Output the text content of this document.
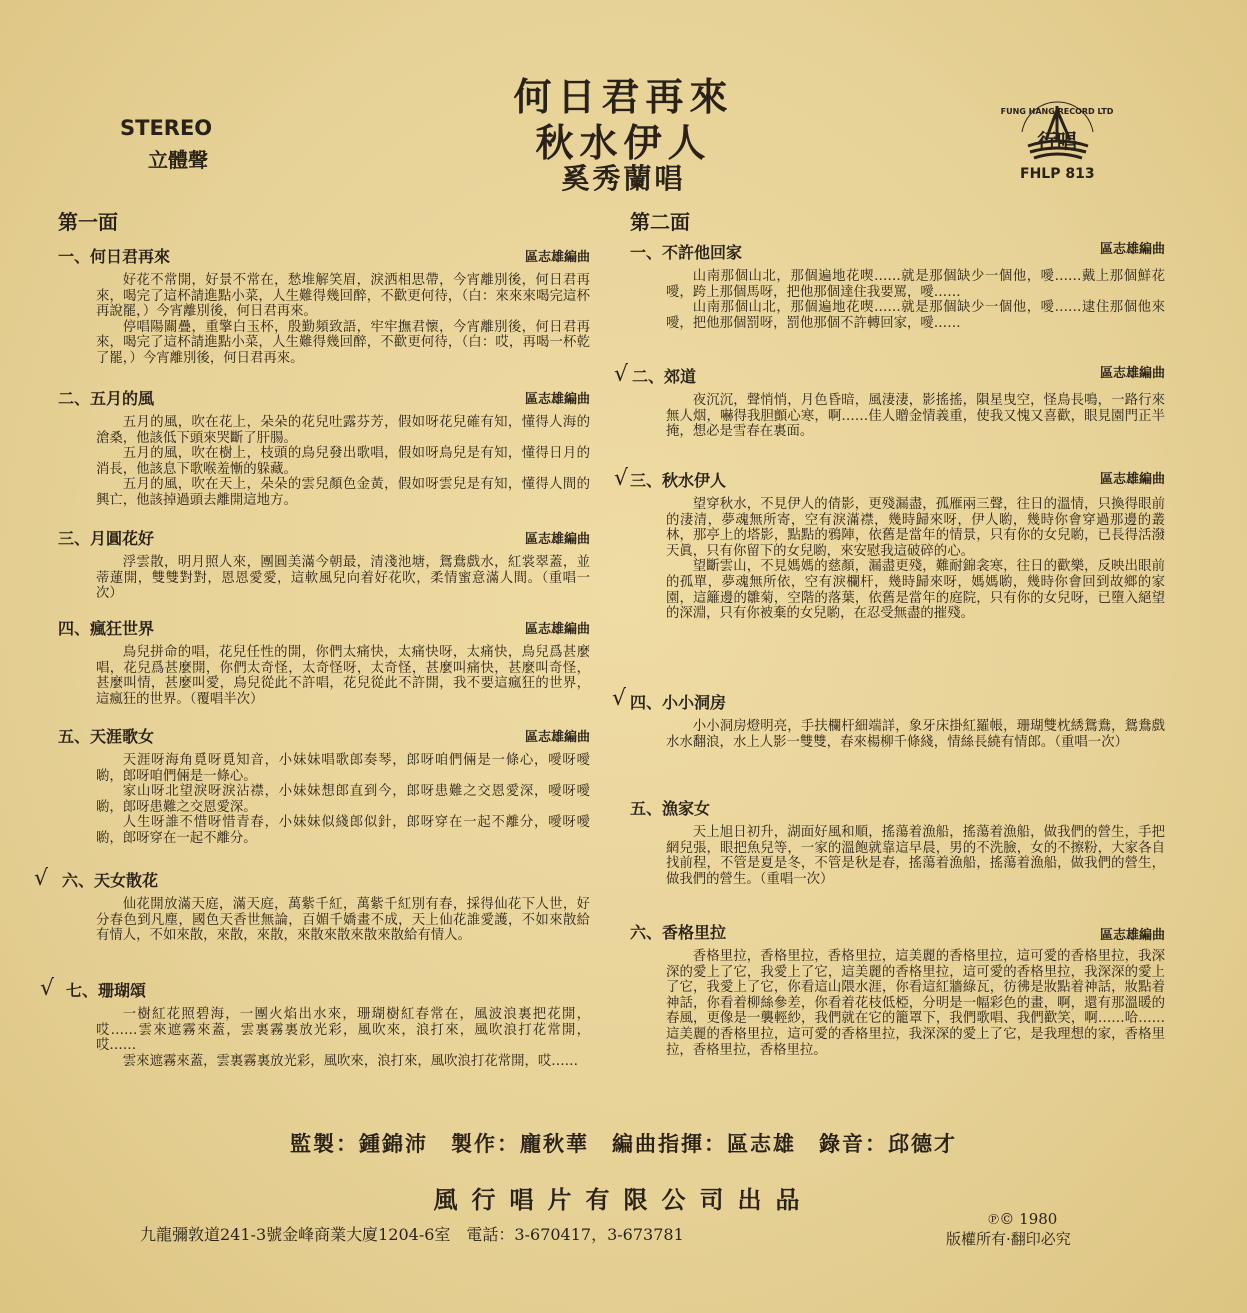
STEREO
立體聲
何日君再來
秋水伊人
奚秀蘭唱
FUNG HANG RECORD LTD
行唱
FHLP 813
第一面
一、何日君再來	區志雄編曲

好花不常開，好景不常在，愁堆解笑眉，淚洒相思帶，今宵離別後，何日君再來，喝完了這杯請進點小菜，人生難得幾回醉，不歡更何待，（白：來來來喝完這杯再說罷，）今宵離別後，何日君再來。

停唱陽關疊，重擎白玉杯，殷勤頻致語，牢牢撫君懷，今宵離別後，何日君再來，喝完了這杯請進點小菜，人生難得幾回醉，不歡更何待，（白：哎，再喝一杯乾了罷，）今宵離別後，何日君再來。

二、五月的風	區志雄編曲

五月的風，吹在花上，朵朵的花兒吐露芬芳，假如呀花兒確有知，懂得人海的滄桑，他該低下頭來哭斷了肝腸。

五月的風，吹在樹上，枝頭的鳥兒發出歌唱，假如呀鳥兒是有知，懂得日月的消長，他該息下歌喉羞慚的躲藏。

五月的風，吹在天上，朵朵的雲兒顏色金黃，假如呀雲兒是有知，懂得人間的興亡，他該掉過頭去離開這地方。

三、月圓花好	區志雄編曲

浮雲散，明月照人來，團圓美滿今朝最，清淺池塘，鴛鴦戲水，紅裳翠蓋，並蒂蓮開，雙雙對對，恩恩愛愛，這軟風兒向着好花吹，柔情蜜意滿人間。（重唱一次）

四、瘋狂世界	區志雄編曲

鳥兒拼命的唱，花兒任性的開，你們太痛快，太痛快呀，太痛快，鳥兒爲甚麼唱，花兒爲甚麼開，你們太奇怪，太奇怪呀，太奇怪，甚麼叫痛快，甚麼叫奇怪，甚麼叫情，甚麼叫愛，鳥兒從此不許唱，花兒從此不許開，我不要這瘋狂的世界，這瘋狂的世界。（覆唱半次）

五、天涯歌女	區志雄編曲

天涯呀海角覓呀覓知音，小妹妹唱歌郎奏琴，郎呀咱們倆是一條心，噯呀噯喲，郎呀咱們倆是一條心。

家山呀北望淚呀淚沾襟，小妹妹想郎直到今，郎呀患難之交恩愛深，噯呀噯喲，郎呀患難之交恩愛深。

人生呀誰不惜呀惜青春，小妹妹似綫郎似針，郎呀穿在一起不離分，噯呀噯喲，郎呀穿在一起不離分。

√ 六、天女散花

仙花開放滿天庭，滿天庭，萬紫千紅，萬紫千紅別有春，採得仙花下人世，好分春色到凡塵，國色天香世無論，百媚千嬌畫不成，天上仙花誰愛護，不如來散給有情人，不如來散，來散，來散，來散來散來散來散給有情人。

√ 七、珊瑚頌

一樹紅花照碧海，一團火焰出水來，珊瑚樹紅春常在，風波浪裏把花開，哎……雲來遮霧來蓋，雲裏霧裏放光彩，風吹來，浪打來，風吹浪打花常開，哎……

雲來遮霧來蓋，雲裏霧裏放光彩，風吹來，浪打來，風吹浪打花常開，哎……

第二面
一、不許他回家	區志雄編曲

山南那個山北，那個遍地花喫……就是那個缺少一個他，噯……戴上那個鮮花噯，跨上那個馬呀，把他那個達住我要罵，噯……

山南那個山北，那個遍地花喫……就是那個缺少一個他，噯……逮住那個他來噯，把他那個罰呀，罰他那個不許轉回家，噯……

√ 二、郊道	區志雄編曲

夜沉沉，聲悄悄，月色昏暗，風淒淒，影搖搖，隕星曳空，怪鳥長鳴，一路行來無人烟，嚇得我胆顫心寒，啊……佳人贈金情義重，使我又愧又喜歡，眼見園門正半掩，想必是雪春在裏面。

√ 三、秋水伊人	區志雄編曲

望穿秋水，不見伊人的倩影，更殘漏盡，孤雁兩三聲，往日的溫情，只換得眼前的淒清，夢魂無所寄，空有淚滿襟，幾時歸來呀，伊人喲，幾時你會穿過那邊的叢林，那亭上的塔影，點點的鴉陣，依舊是當年的情景，只有你的女兒喲，已長得活潑天眞，只有你留下的女兒喲，來安慰我這破碎的心。

望斷雲山，不見媽媽的慈顏，漏盡更殘，難耐錦衾寒，往日的歡樂，反映出眼前的孤單，夢魂無所依，空有淚欄杆，幾時歸來呀，媽媽喲，幾時你會回到故鄉的家園，這籬邊的雛菊，空階的落葉，依舊是當年的庭院，只有你的女兒呀，已墮入絕望的深淵，只有你被棄的女兒喲，在忍受無盡的摧殘。

√ 四、小小洞房

小小洞房燈明亮，手扶欄杆細端詳，象牙床掛紅羅帳，珊瑚雙枕綉鴛鴦，鴛鴦戲水水翻浪，水上人影一雙雙，春來楊柳千條綫，情絲長繞有情郎。（重唱一次）

五、漁家女

天上旭日初升，湖面好風和順，搖蕩着漁船，搖蕩着漁船，做我們的營生，手把網兒張，眼把魚兒等，一家的溫飽就靠這早晨，男的不洗臉，女的不擦粉，大家各自找前程，不管是夏是冬，不管是秋是春，搖蕩着漁船，搖蕩着漁船，做我們的營生，做我們的營生。（重唱一次）

六、香格里拉	區志雄編曲

香格里拉，香格里拉，香格里拉，這美麗的香格里拉，這可愛的香格里拉，我深深的愛上了它，我愛上了它，這美麗的香格里拉，這可愛的香格里拉，我深深的愛上了它，我愛上了它，你看這山隈水涯，你看這紅牆綠瓦，彷彿是妝點着神話，妝點着神話，你看着柳絲參差，你看着花枝低椏，分明是一幅彩色的畫，啊，還有那溫暖的春風，更像是一襲輕紗，我們就在它的籠罩下，我們歌唱、我們歡笑，啊……哈……這美麗的香格里拉，這可愛的香格里拉，我深深的愛上了它，是我理想的家，香格里拉，香格里拉，香格里拉。

監製：鍾錦沛　製作：龐秋華　編曲指揮：區志雄　錄音：邱德才
風行唱片有限公司出品
九龍彌敦道241-3號金峰商業大廈1204-6室　電話：3-670417，3-673781
℗© 1980
版權所有·翻印必究
